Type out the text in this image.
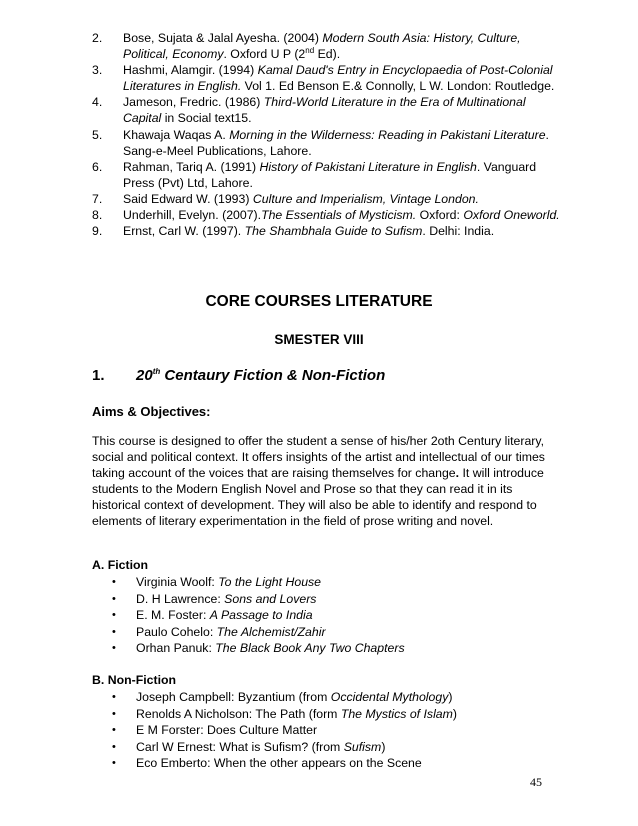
2.	Bose, Sujata & Jalal Ayesha. (2004) Modern South Asia: History, Culture, Political, Economy. Oxford U P (2nd Ed).
3.	Hashmi, Alamgir. (1994) Kamal Daud's Entry in Encyclopaedia of Post-Colonial Literatures in English. Vol 1. Ed Benson E.& Connolly, L W. London: Routledge.
4.	Jameson, Fredric. (1986) Third-World Literature in the Era of Multinational Capital in Social text15.
5.	Khawaja Waqas A. Morning in the Wilderness: Reading in Pakistani Literature. Sang-e-Meel Publications, Lahore.
6.	Rahman, Tariq A. (1991) History of Pakistani Literature in English. Vanguard Press (Pvt) Ltd, Lahore.
7.	Said Edward W. (1993) Culture and Imperialism, Vintage London.
8.	Underhill, Evelyn. (2007).The Essentials of Mysticism. Oxford: Oxford Oneworld.
9.	Ernst, Carl W. (1997). The Shambhala Guide to Sufism. Delhi: India.
CORE COURSES LITERATURE
SMESTER VIII
1.	20th Centaury Fiction & Non-Fiction
Aims & Objectives:
This course is designed to offer the student a sense of his/her 2oth Century literary, social and political context. It offers insights of the artist and intellectual of our times taking account of the voices that are raising themselves for change. It will introduce students to the Modern English Novel and Prose so that they can read it in its historical context of development. They will also be able to identify and respond to elements of literary experimentation in the field of prose writing and novel.
A. Fiction
•	Virginia Woolf: To the Light House
•	D. H Lawrence: Sons and Lovers
•	E. M. Foster: A Passage to India
•	Paulo Cohelo: The Alchemist/Zahir
•	Orhan Panuk: The Black Book Any Two Chapters
B. Non-Fiction
•	Joseph Campbell: Byzantium (from Occidental Mythology)
•	Renolds A Nicholson: The Path (form The Mystics of Islam)
•	E M Forster: Does Culture Matter
•	Carl W Ernest: What is Sufism? (from Sufism)
•	Eco Emberto: When the other appears on the Scene
45
